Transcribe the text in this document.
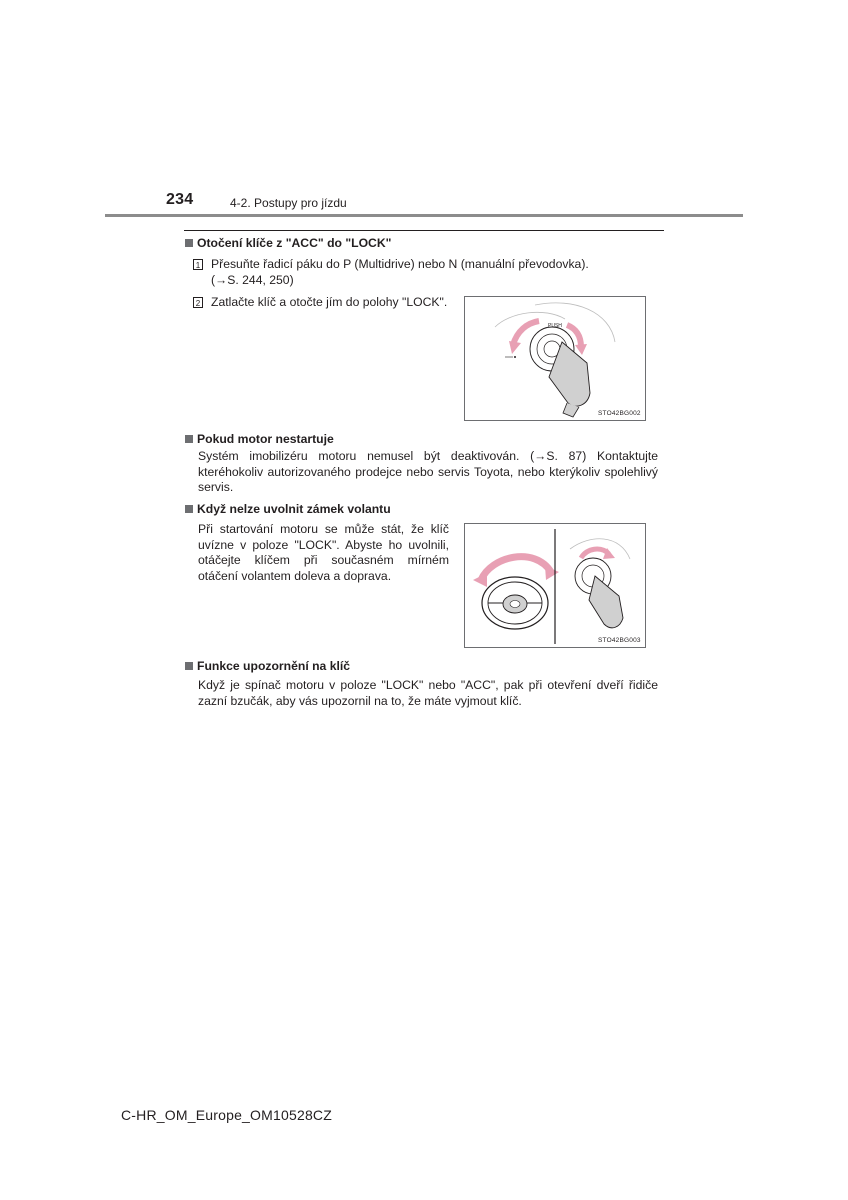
234	4-2. Postupy pro jízdu
Otočení klíče z "ACC" do "LOCK"
1 Přesuňte řadicí páku do P (Multidrive) nebo N (manuální převodovka).
(→S. 244, 250)
2 Zatlačte klíč a otočte jím do polohy "LOCK".
PUSH
STO42BG002
Pokud motor nestartuje
Systém imobilizéru motoru nemusel být deaktivován. (→S. 87) Kontaktujte kteréhokoliv autorizovaného prodejce nebo servis Toyota, nebo kterýkoliv spolehlivý servis.
Když nelze uvolnit zámek volantu
Při startování motoru se může stát, že klíč uvízne v poloze "LOCK". Abyste ho uvolnili, otáčejte klíčem při současném mírném otáčení volantem doleva a doprava.
STO42BG003
Funkce upozornění na klíč
Když je spínač motoru v poloze "LOCK" nebo "ACC", pak při otevření dveří řidiče zazní bzučák, aby vás upozornil na to, že máte vyjmout klíč.
C-HR_OM_Europe_OM10528CZ
